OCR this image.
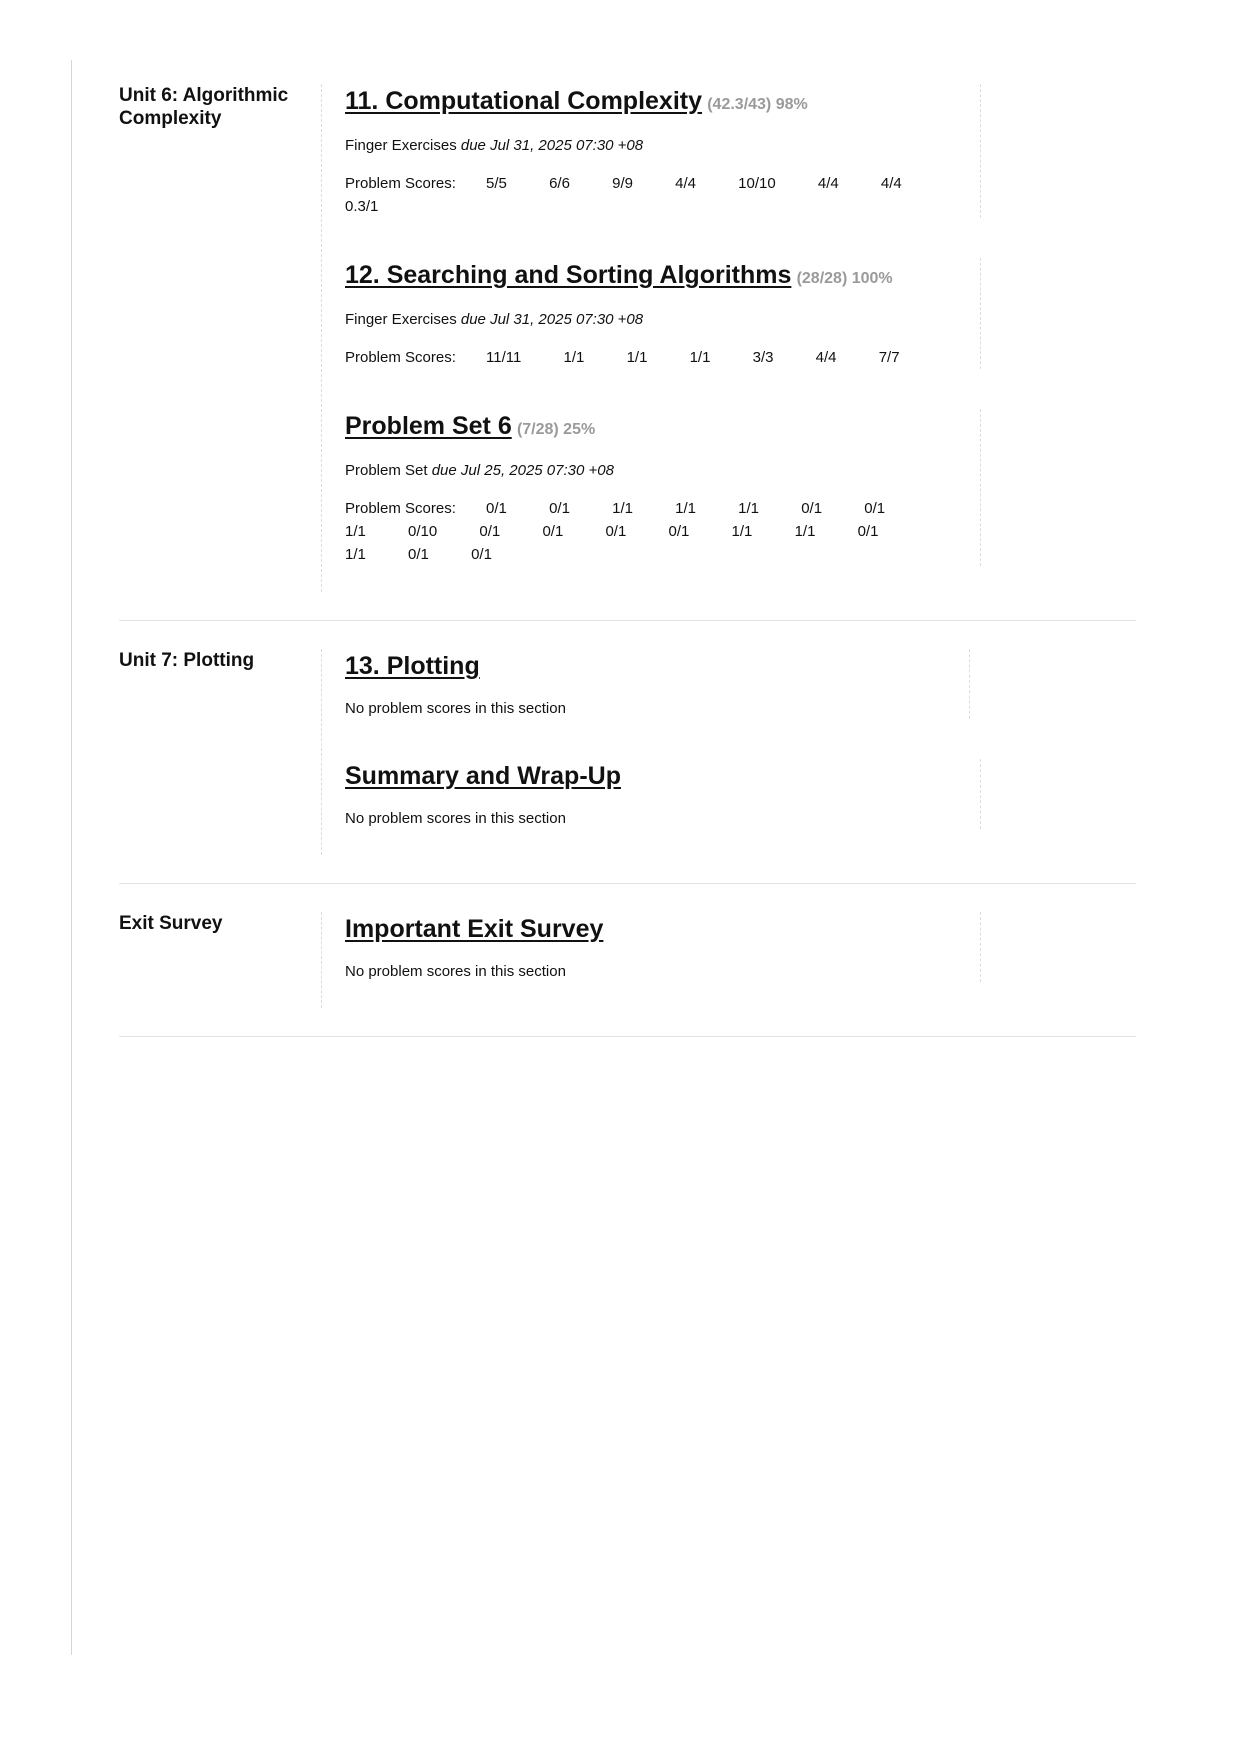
Unit 6: Algorithmic Complexity
11. Computational Complexity (42.3/43) 98%

Finger Exercises due Jul 31, 2025 07:30 +08

Problem Scores: 5/5	6/6	9/9	4/4	10/10	4/4	4/4 0.3/1
12. Searching and Sorting Algorithms (28/28) 100%

Finger Exercises due Jul 31, 2025 07:30 +08

Problem Scores: 11/11	1/1	1/1	1/1	3/3	4/4	7/7
Problem Set 6 (7/28) 25%

Problem Set due Jul 25, 2025 07:30 +08

Problem Scores: 0/1	0/1	1/1	1/1	1/1	0/1	0/1 1/1	0/10	0/1	0/1	0/1	0/1	1/1	1/1	0/1 1/1	0/1	0/1
Unit 7: Plotting	13. Plotting

No problem scores in this section

Summary and Wrap-Up

No problem scores in this section

Exit Survey	Important Exit Survey

No problem scores in this section
